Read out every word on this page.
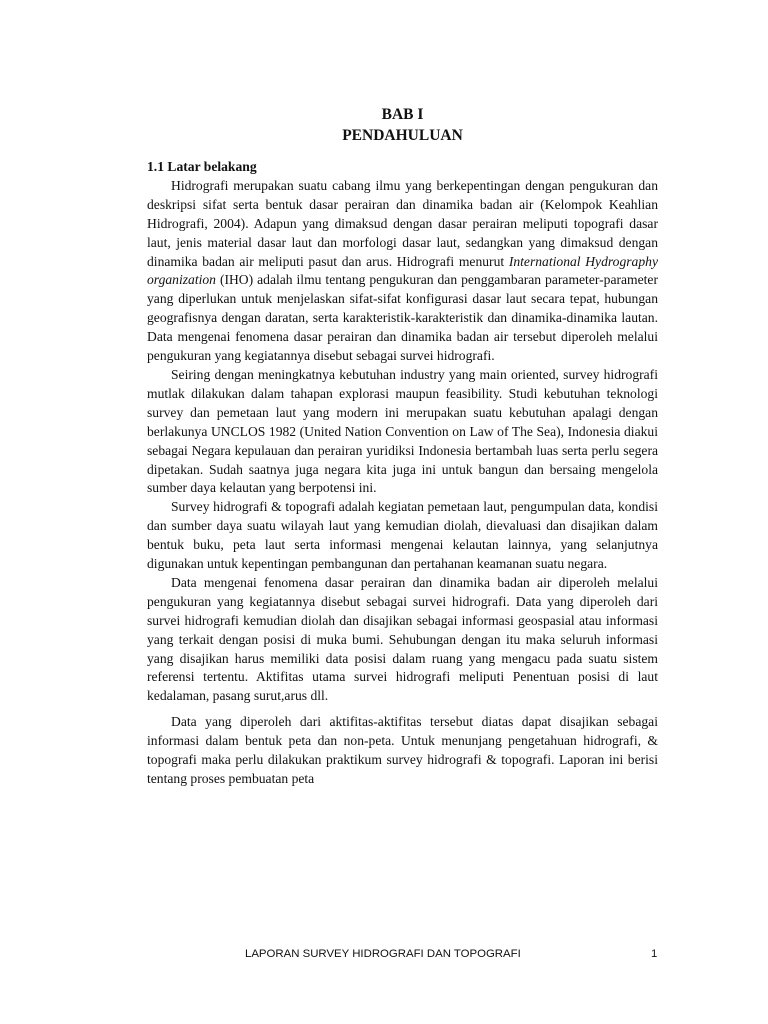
BAB I

PENDAHULUAN

1.1 Latar belakang

Hidrografi merupakan suatu cabang ilmu yang berkepentingan dengan pengukuran dan deskripsi sifat serta bentuk dasar perairan dan dinamika badan air (Kelompok Keahlian Hidrografi, 2004). Adapun yang dimaksud dengan dasar perairan meliputi topografi dasar laut, jenis material dasar laut dan morfologi dasar laut, sedangkan yang dimaksud dengan dinamika badan air meliputi pasut dan arus. Hidrografi menurut International Hydrography organization (IHO) adalah ilmu tentang pengukuran dan penggambaran parameter-parameter yang diperlukan untuk menjelaskan sifat-sifat konfigurasi dasar laut secara tepat, hubungan geografisnya dengan daratan, serta karakteristik-karakteristik dan dinamika-dinamika lautan. Data mengenai fenomena dasar perairan dan dinamika badan air tersebut diperoleh melalui pengukuran yang kegiatannya disebut sebagai survei hidrografi.

Seiring dengan meningkatnya kebutuhan industry yang main oriented, survey hidrografi mutlak dilakukan dalam tahapan explorasi maupun feasibility. Studi kebutuhan teknologi survey dan pemetaan laut yang modern ini merupakan suatu kebutuhan apalagi dengan berlakunya UNCLOS 1982 (United Nation Convention on Law of The Sea), Indonesia diakui sebagai Negara kepulauan dan perairan yuridiksi Indonesia bertambah luas serta perlu segera dipetakan. Sudah saatnya juga negara kita juga ini untuk bangun dan bersaing mengelola sumber daya kelautan yang berpotensi ini.

Survey hidrografi & topografi adalah kegiatan pemetaan laut, pengumpulan data, kondisi dan sumber daya suatu wilayah laut yang kemudian diolah, dievaluasi dan disajikan dalam bentuk buku, peta laut serta informasi mengenai kelautan lainnya, yang selanjutnya digunakan untuk kepentingan pembangunan dan pertahanan keamanan suatu negara.

Data mengenai fenomena dasar perairan dan dinamika badan air diperoleh melalui pengukuran yang kegiatannya disebut sebagai survei hidrografi. Data yang diperoleh dari survei hidrografi kemudian diolah dan disajikan sebagai informasi geospasial atau informasi yang terkait dengan posisi di muka bumi. Sehubungan dengan itu maka seluruh informasi yang disajikan harus memiliki data posisi dalam ruang yang mengacu pada suatu sistem referensi tertentu. Aktifitas utama survei hidrografi meliputi Penentuan posisi di laut kedalaman, pasang surut,arus dll.

Data yang diperoleh dari aktifitas-aktifitas tersebut diatas dapat disajikan sebagai informasi dalam bentuk peta dan non-peta. Untuk menunjang pengetahuan hidrografi, & topografi maka perlu dilakukan praktikum survey hidrografi & topografi. Laporan ini berisi tentang proses pembuatan peta

LAPORAN SURVEY HIDROGRAFI DAN TOPOGRAFI	1
